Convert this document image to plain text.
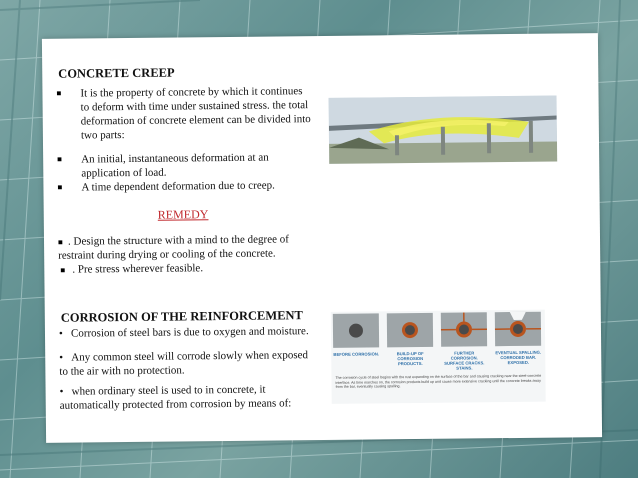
CONCRETE CREEP
■ It is the property of concrete by which it continues to deform with time under sustained stress. the total deformation of concrete element can be divided into two parts:
■ An initial, instantaneous deformation at an application of load.
■ A time dependent deformation due to creep.
REMEDY
■ . Design the structure with a mind to the degree of restraint during drying or cooling of the concrete.
■ . Pre stress wherever feasible.
CORROSION OF THE REINFORCEMENT
• Corrosion of steel bars is due to oxygen and moisture.
• Any common steel will corrode slowly when exposed to the air with no protection.
• when ordinary steel is used to in concrete, it automatically protected from corrosion by means of:
BEFORE CORROSION.	BUILD-UP OF CORROSION PRODUCTS.
FURTHER CORROSION. SURFACE CRACKS. STAINS.
EVENTUAL SPALLING. CORRODED BAR. EXPOSED.
The corrosion cycle of steel begins with the rust expanding on the surface of the bar and causing cracking near the steel-concrete interface. As time marches on, the corrosion products build up and cause more extensive cracking until the concrete breaks away from the bar, eventually causing spalling.
